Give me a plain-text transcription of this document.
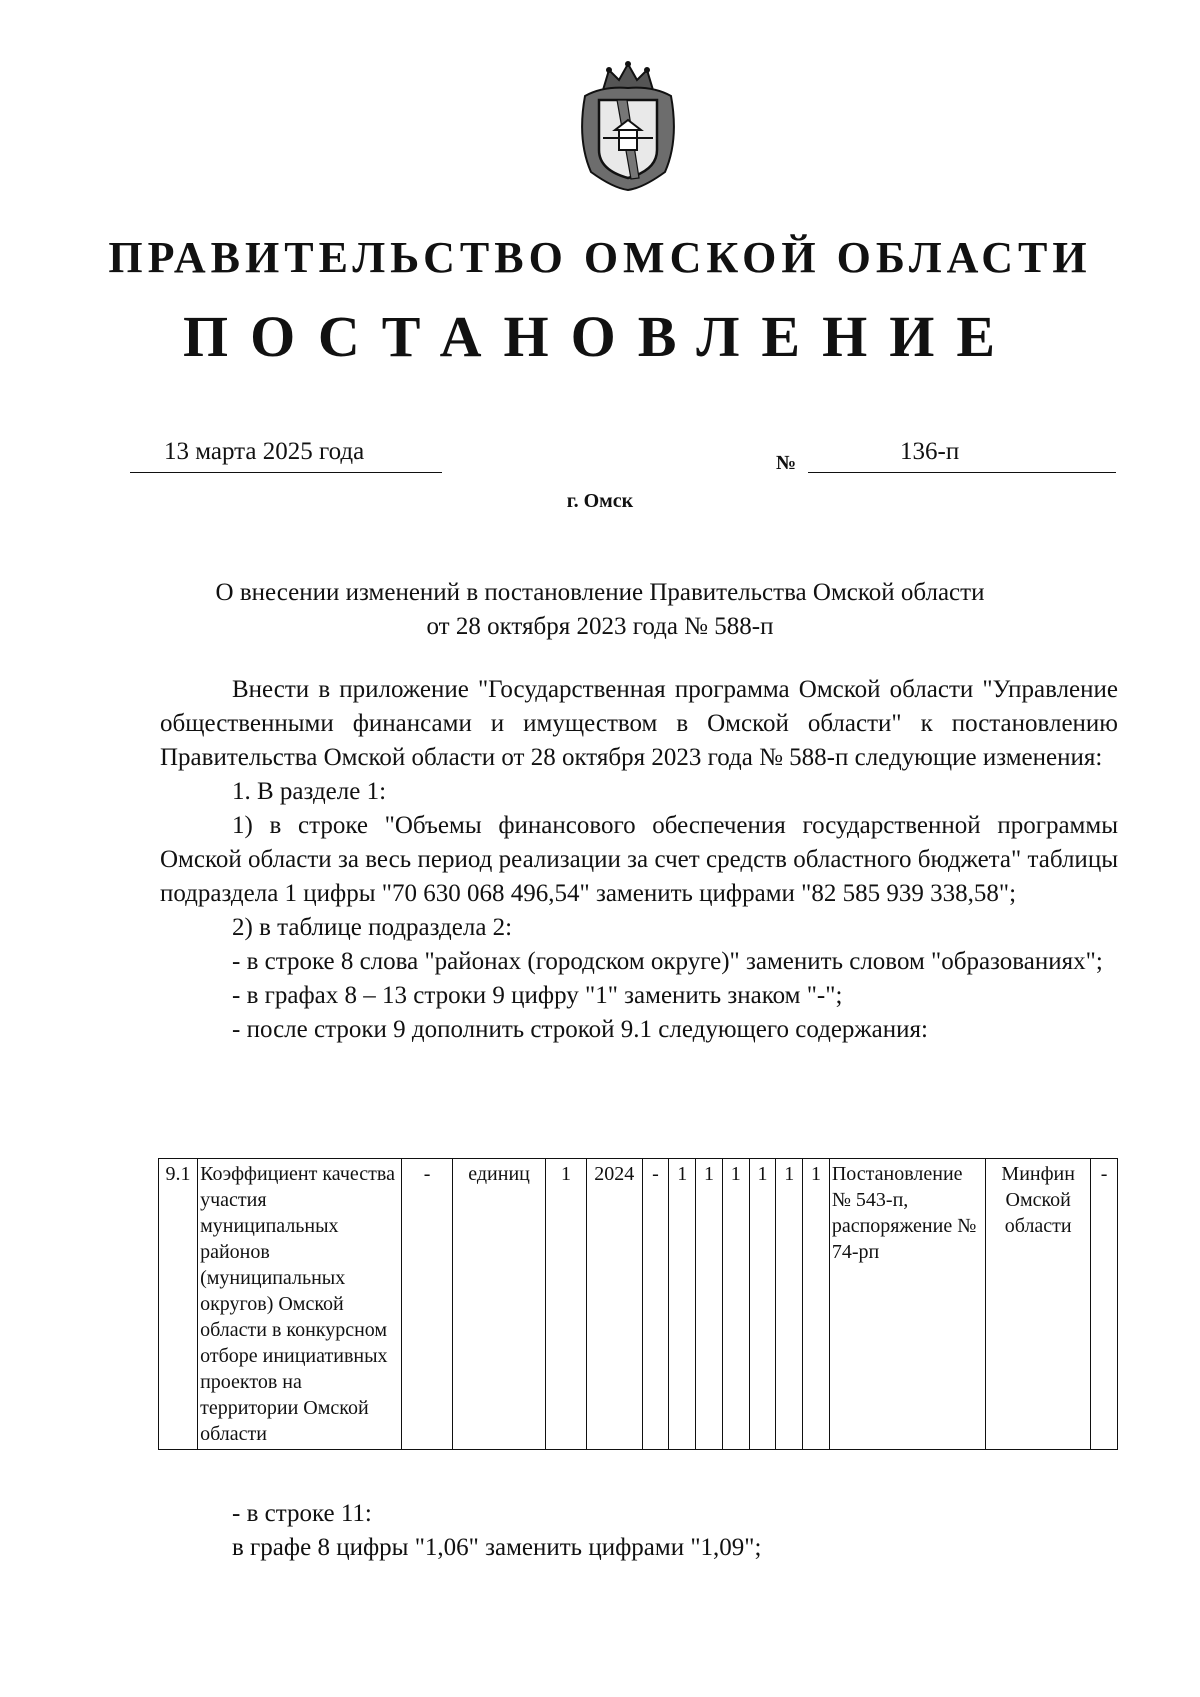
ПРАВИТЕЛЬСТВО ОМСКОЙ ОБЛАСТИ
ПОСТАНОВЛЕНИЕ
13 марта 2025 года	№	136-п
г. Омск
О внесении изменений в постановление Правительства Омской области
от 28 октября 2023 года № 588-п

Внести в приложение "Государственная программа Омской области "Управление общественными финансами и имуществом в Омской области" к постановлению Правительства Омской области от 28 октября 2023 года № 588-п следующие изменения:

1. В разделе 1:

1) в строке "Объемы финансового обеспечения государственной программы Омской области за весь период реализации за счет средств областного бюджета" таблицы подраздела 1 цифры "70 630 068 496,54" заменить цифрами "82 585 939 338,58";

2) в таблице подраздела 2:

- в строке 8 слова "районах (городском округе)" заменить словом "образованиях";

- в графах 8 – 13 строки 9 цифру "1" заменить знаком "-";

- после строки 9 дополнить строкой 9.1 следующего содержания:

9.1	Коэффициент качества участия муниципальных районов (муниципальных округов) Омской области в конкурсном отборе инициативных проектов на территории Омской области	-	единиц	1	2024	-	1	1	1	1	1	1	Постановление № 543-п, распоряжение № 74-рп	Минфин Омской области	-

- в строке 11:

в графе 8 цифры "1,06" заменить цифрами "1,09";
